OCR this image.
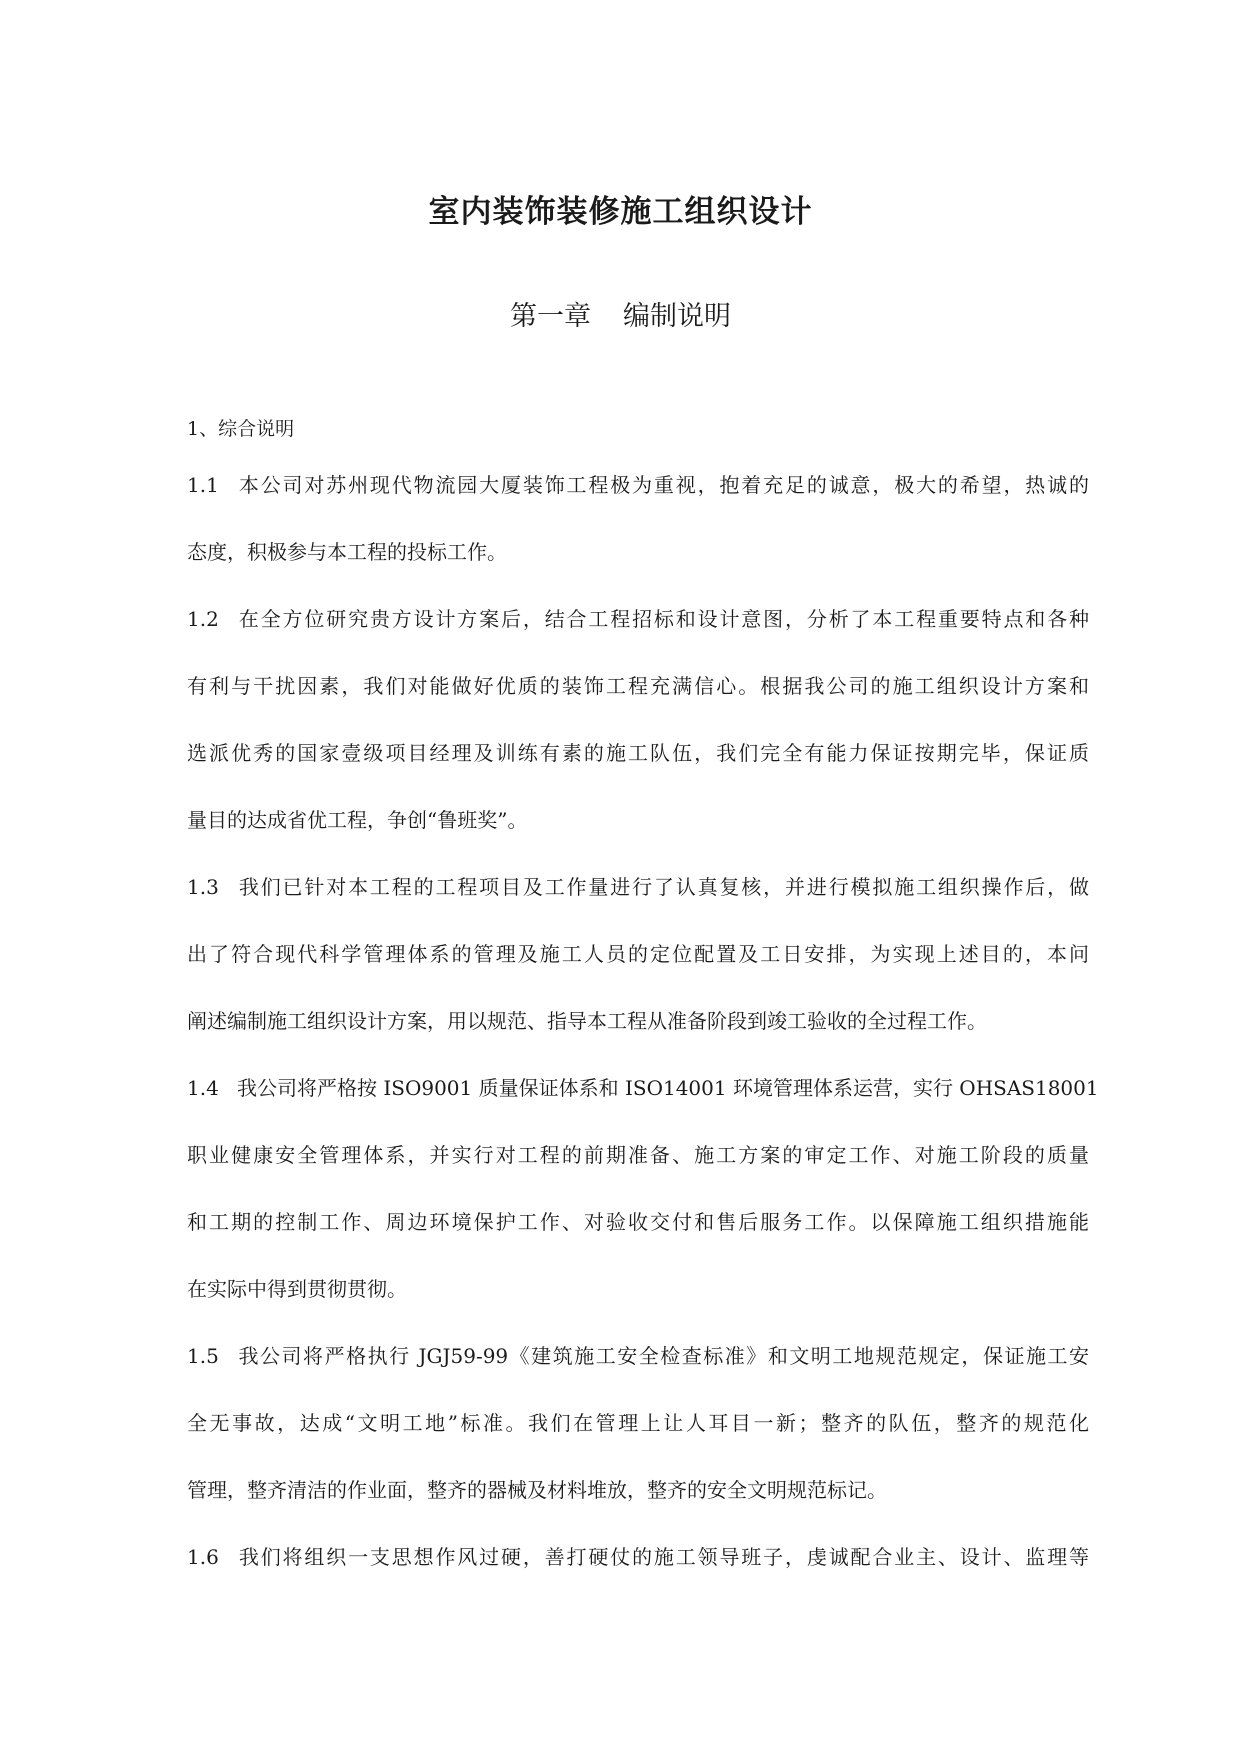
室内装饰装修施工组织设计
第一章 编制说明
1、综合说明
1.1 本公司对苏州现代物流园大厦装饰工程极为重视，抱着充足的诚意，极大的希望，热诚的
态度，积极参与本工程的投标工作。
1.2 在全方位研究贵方设计方案后，结合工程招标和设计意图，分析了本工程重要特点和各种
有利与干扰因素，我们对能做好优质的装饰工程充满信心。根据我公司的施工组织设计方案和
选派优秀的国家壹级项目经理及训练有素的施工队伍，我们完全有能力保证按期完毕，保证质
量目的达成省优工程，争创“鲁班奖”。
1.3 我们已针对本工程的工程项目及工作量进行了认真复核，并进行模拟施工组织操作后，做
出了符合现代科学管理体系的管理及施工人员的定位配置及工日安排，为实现上述目的，本问
阐述编制施工组织设计方案，用以规范、指导本工程从准备阶段到竣工验收的全过程工作。
1.4 我公司将严格按 ISO9001 质量保证体系和 ISO14001 环境管理体系运营，实行 OHSAS18001
职业健康安全管理体系，并实行对工程的前期准备、施工方案的审定工作、对施工阶段的质量
和工期的控制工作、周边环境保护工作、对验收交付和售后服务工作。以保障施工组织措施能
在实际中得到贯彻贯彻。
1.5 我公司将严格执行 JGJ59-99《建筑施工安全检查标准》和文明工地规范规定，保证施工安
全无事故，达成“文明工地”标准。我们在管理上让人耳目一新；整齐的队伍，整齐的规范化
管理，整齐清洁的作业面，整齐的器械及材料堆放，整齐的安全文明规范标记。
1.6 我们将组织一支思想作风过硬，善打硬仗的施工领导班子，虔诚配合业主、设计、监理等
